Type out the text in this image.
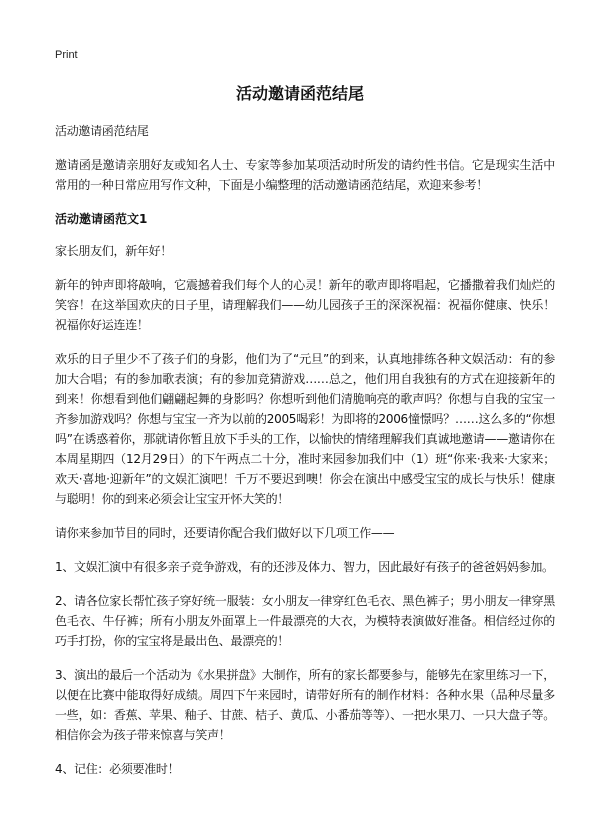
Print
活动邀请函范结尾

活动邀请函范结尾

邀请函是邀请亲朋好友或知名人士、专家等参加某项活动时所发的请约性书信。它是现实生活中常用的一种日常应用写作文种，下面是小编整理的活动邀请函范结尾，欢迎来参考！

活动邀请函范文1

家长朋友们，新年好！

新年的钟声即将敲响，它震撼着我们每个人的心灵！新年的歌声即将唱起，它播撒着我们灿烂的笑容！在这举国欢庆的日子里，请理解我们——幼儿园孩子王的深深祝福：祝福你健康、快乐！祝福你好运连连！

欢乐的日子里少不了孩子们的身影，他们为了“元旦”的到来，认真地排练各种文娱活动：有的参加大合唱；有的参加歌表演；有的参加竞猜游戏……总之，他们用自我独有的方式在迎接新年的到来！你想看到他们翩翩起舞的身影吗？你想听到他们清脆响亮的歌声吗？你想与自我的宝宝一齐参加游戏吗？你想与宝宝一齐为以前的2005喝彩！为即将的2006憧憬吗？……这么多的“你想吗”在诱惑着你，那就请你暂且放下手头的工作，以愉快的情绪理解我们真诚地邀请——邀请你在本周星期四（12月29日）的下午两点二十分，准时来园参加我们中（1）班“你来·我来·大家来；欢天·喜地·迎新年”的文娱汇演吧！千万不要迟到噢！你会在演出中感受宝宝的成长与快乐！健康与聪明！你的到来必须会让宝宝开怀大笑的！

请你来参加节目的同时，还要请你配合我们做好以下几项工作——

1、文娱汇演中有很多亲子竞争游戏，有的还涉及体力、智力，因此最好有孩子的爸爸妈妈参加。

2、请各位家长帮忙孩子穿好统一服装：女小朋友一律穿红色毛衣、黑色裤子；男小朋友一律穿黑色毛衣、牛仔裤；所有小朋友外面罩上一件最漂亮的大衣，为模特表演做好准备。相信经过你的巧手打扮，你的宝宝将是最出色、最漂亮的！

3、演出的最后一个活动为《水果拼盘》大制作，所有的家长都要参与，能够先在家里练习一下，以便在比赛中能取得好成绩。周四下午来园时，请带好所有的制作材料：各种水果（品种尽量多一些，如：香蕉、苹果、釉子、甘蔗、桔子、黄瓜、小番茄等等）、一把水果刀、一只大盘子等。相信你会为孩子带来惊喜与笑声！

4、记住：必须要准时！
